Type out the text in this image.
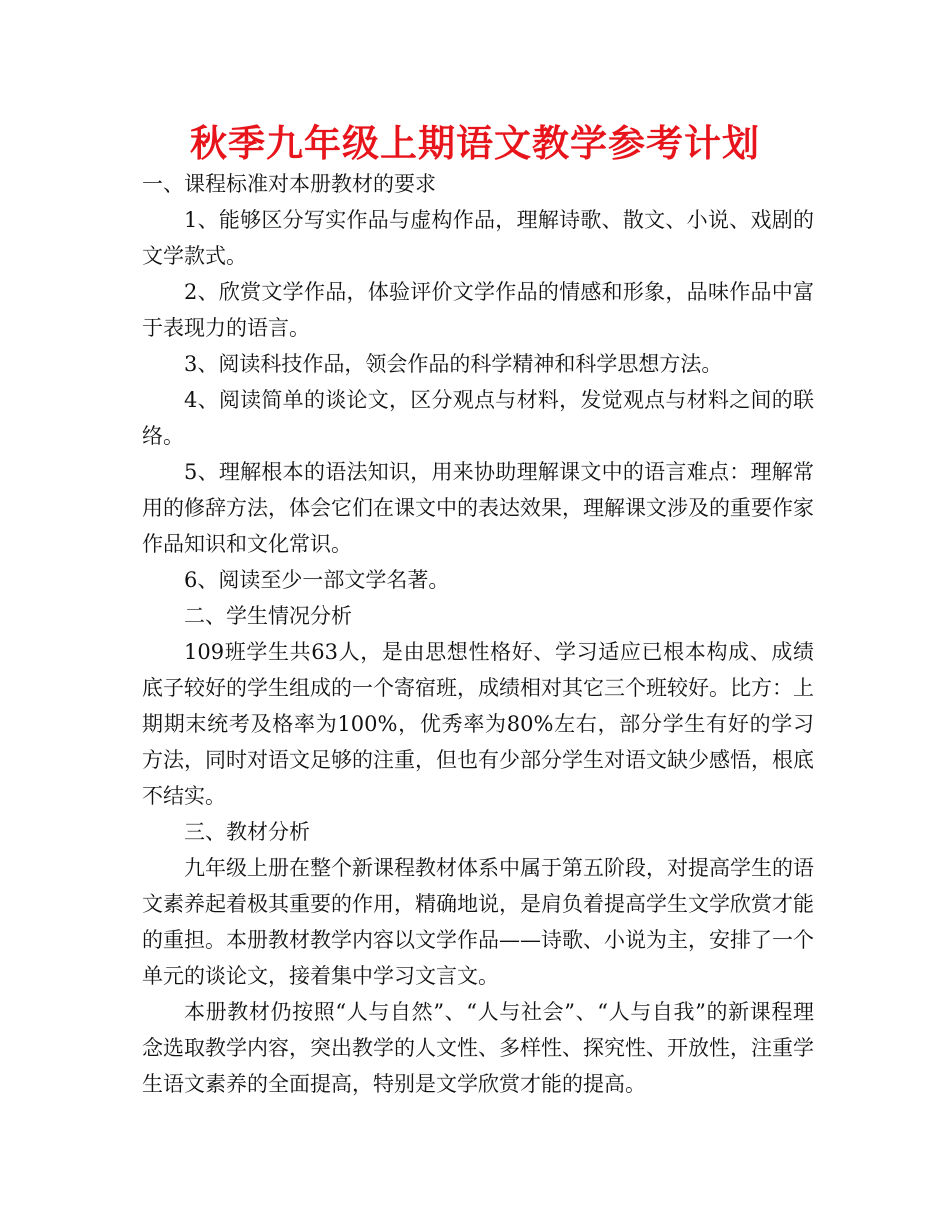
秋季九年级上期语文教学参考计划

一、课程标准对本册教材的要求

1、能够区分写实作品与虚构作品，理解诗歌、散文、小说、戏剧的文学款式。

2、欣赏文学作品，体验评价文学作品的情感和形象，品味作品中富于表现力的语言。

3、阅读科技作品，领会作品的科学精神和科学思想方法。

4、阅读简单的谈论文，区分观点与材料，发觉观点与材料之间的联络。

5、理解根本的语法知识，用来协助理解课文中的语言难点：理解常用的修辞方法，体会它们在课文中的表达效果，理解课文涉及的重要作家作品知识和文化常识。

6、阅读至少一部文学名著。

二、学生情况分析

109班学生共63人，是由思想性格好、学习适应已根本构成、成绩底子较好的学生组成的一个寄宿班，成绩相对其它三个班较好。比方：上期期末统考及格率为100%，优秀率为80%左右，部分学生有好的学习方法，同时对语文足够的注重，但也有少部分学生对语文缺少感悟，根底不结实。

三、教材分析

九年级上册在整个新课程教材体系中属于第五阶段，对提高学生的语文素养起着极其重要的作用，精确地说，是肩负着提高学生文学欣赏才能的重担。本册教材教学内容以文学作品——诗歌、小说为主，安排了一个单元的谈论文，接着集中学习文言文。

本册教材仍按照“人与自然”、“人与社会”、“人与自我”的新课程理念选取教学内容，突出教学的人文性、多样性、探究性、开放性，注重学生语文素养的全面提高，特别是文学欣赏才能的提高。
